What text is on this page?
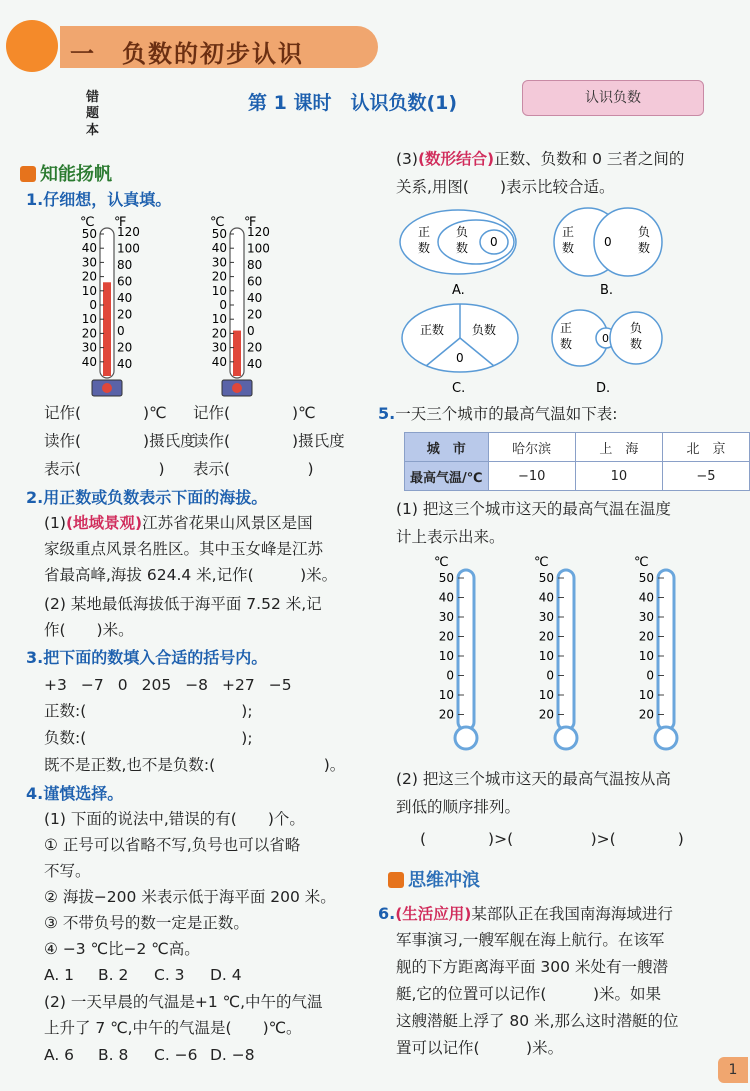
一　负数的初步认识
错题本
第 1 课时　认识负数(1)	认识负数
知能扬帆
1.仔细想，认真填。
℃ ℉
50
40
30
20
10
0
10
20
30
40
120
100
80
60
40
20
0
20
40
℃ ℉
50
40
30
20
10
0
10
20
30
40
120
100
80
60
40
20
0
20
40
记作(　　　　)℃
读作(　　　　)摄氏度
表示(　　　　　)
记作(　　　　)℃
读作(　　　　)摄氏度
表示(　　　　　)
2.用正数或负数表示下面的海拔。
(1)(地域景观)江苏省花果山风景区是国
家级重点风景名胜区。其中玉女峰是江苏
省最高峰,海拔 624.4 米,记作(　　　)米。
(2) 某地最低海拔低于海平面 7.52 米,记
作(　　)米。
3.把下面的数填入合适的括号内。
+3 −7 0 205 −8 +27 −5
正数:(　　　　　　　　　　);
负数:(　　　　　　　　　　);
既不是正数,也不是负数:(　　　　　　　)。
4.谨慎选择。
(1) 下面的说法中,错误的有(　　)个。
① 正号可以省略不写,负号也可以省略
不写。
② 海拔−200 米表示低于海平面 200 米。
③ 不带负号的数一定是正数。
④ −3 ℃比−2 ℃高。
A. 1 B. 2 C. 3 D. 4
(2) 一天早晨的气温是+1 ℃,中午的气温
上升了 7 ℃,中午的气温是(　　)℃。
A. 6 B. 8 C. −6 D. −8
(3)(数形结合)正数、负数和 0 三者之间的
关系,用图(　　)表示比较合适。
正
数
负
数 0
A.
正
数
负
数
0
B.
正数 负数
0
C.
正
数	0
负
数
D.
5.一天三个城市的最高气温如下表:
城　市	哈尔滨	上　海	北　京
最高气温/℃	−10	10	−5
(1) 把这三个城市这天的最高气温在温度
计上表示出来。
℃
50
40
30
20
10
0
10
20
℃
50
40
30
20
10
0
10
20
℃
50
40
30
20
10
0
10
20
(2) 把这三个城市这天的最高气温按从高
到低的顺序排列。
(　　　　)>(　　　　　)>(　　　　)
思维冲浪
6.(生活应用)某部队正在我国南海海域进行
军事演习,一艘军舰在海上航行。在该军
舰的下方距离海平面 300 米处有一艘潜
艇,它的位置可以记作(　　　)米。如果
这艘潜艇上浮了 80 米,那么这时潜艇的位
置可以记作(　　　)米。
1
